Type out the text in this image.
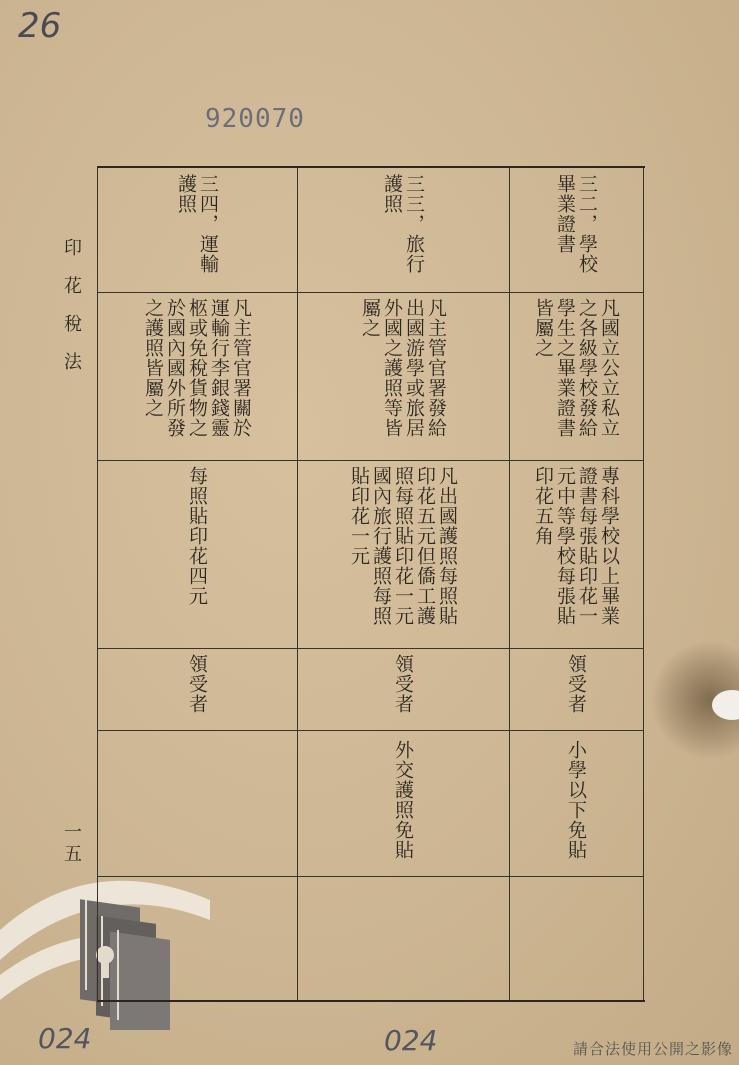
26
920070
印花稅法
一五
三二，學校畢業證書
凡國立公立私立之各級學校發給學生之畢業證書皆屬之
專科學校以上畢業證書每張貼印花一元中等學校每張貼印花五角
領受者
小學以下免貼
三三，旅行護照
凡主管官署發給出國游學或旅居外國之護照等皆屬之
凡出國護照每照貼印花五元但僑工護照每照貼印花一元國內旅行護照每照貼印花一元
領受者
外交護照免貼
三四，運輸護照
凡主管官署關於運輸行李銀錢靈柩或免稅貨物之於國內國外所發之護照皆屬之
每照貼印花四元
領受者
024	024	請合法使用公開之影像
